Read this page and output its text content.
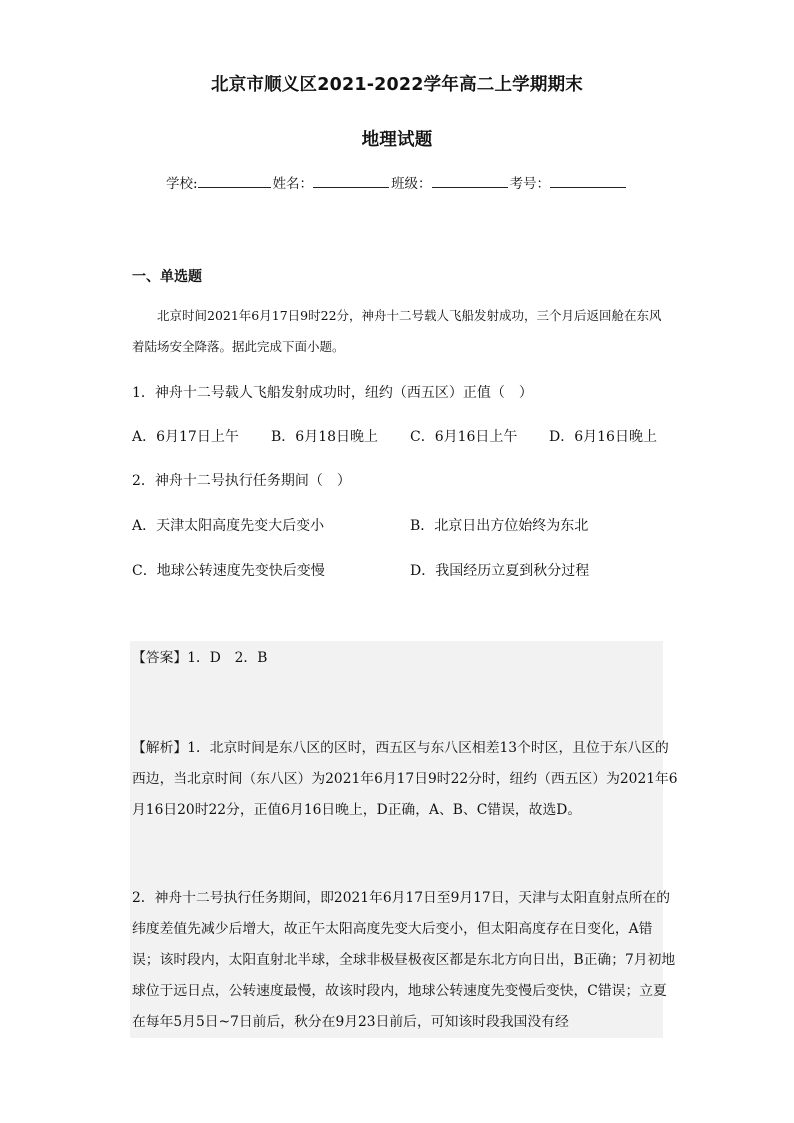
北京市顺义区2021-2022学年高二上学期期末
地理试题
学校:	姓名：	班级：	考号：
一、单选题
北京时间2021年6月17日9时22分，神舟十二号载人飞船发射成功，三个月后返回舱在东风着陆场安全降落。据此完成下面小题。
1．神舟十二号载人飞船发射成功时，纽约（西五区）正值（　）
A．6月17日上午 B．6月18日晚上 C．6月16日上午 D．6月16日晚上
2．神舟十二号执行任务期间（　）
A．天津太阳高度先变大后变小	B．北京日出方位始终为东北
C．地球公转速度先变快后变慢	D．我国经历立夏到秋分过程
【答案】1．D　2．B
【解析】1．北京时间是东八区的区时，西五区与东八区相差13个时区，且位于东八区的西边，当北京时间（东八区）为2021年6月17日9时22分时，纽约（西五区）为2021年6月16日20时22分，正值6月16日晚上，D正确，A、B、C错误，故选D。
2．神舟十二号执行任务期间，即2021年6月17日至9月17日，天津与太阳直射点所在的纬度差值先减少后增大，故正午太阳高度先变大后变小，但太阳高度存在日变化，A错误；该时段内，太阳直射北半球，全球非极昼极夜区都是东北方向日出，B正确；7月初地球位于远日点，公转速度最慢，故该时段内，地球公转速度先变慢后变快，C错误；立夏在每年5月5日~7日前后，秋分在9月23日前后，可知该时段我国没有经
